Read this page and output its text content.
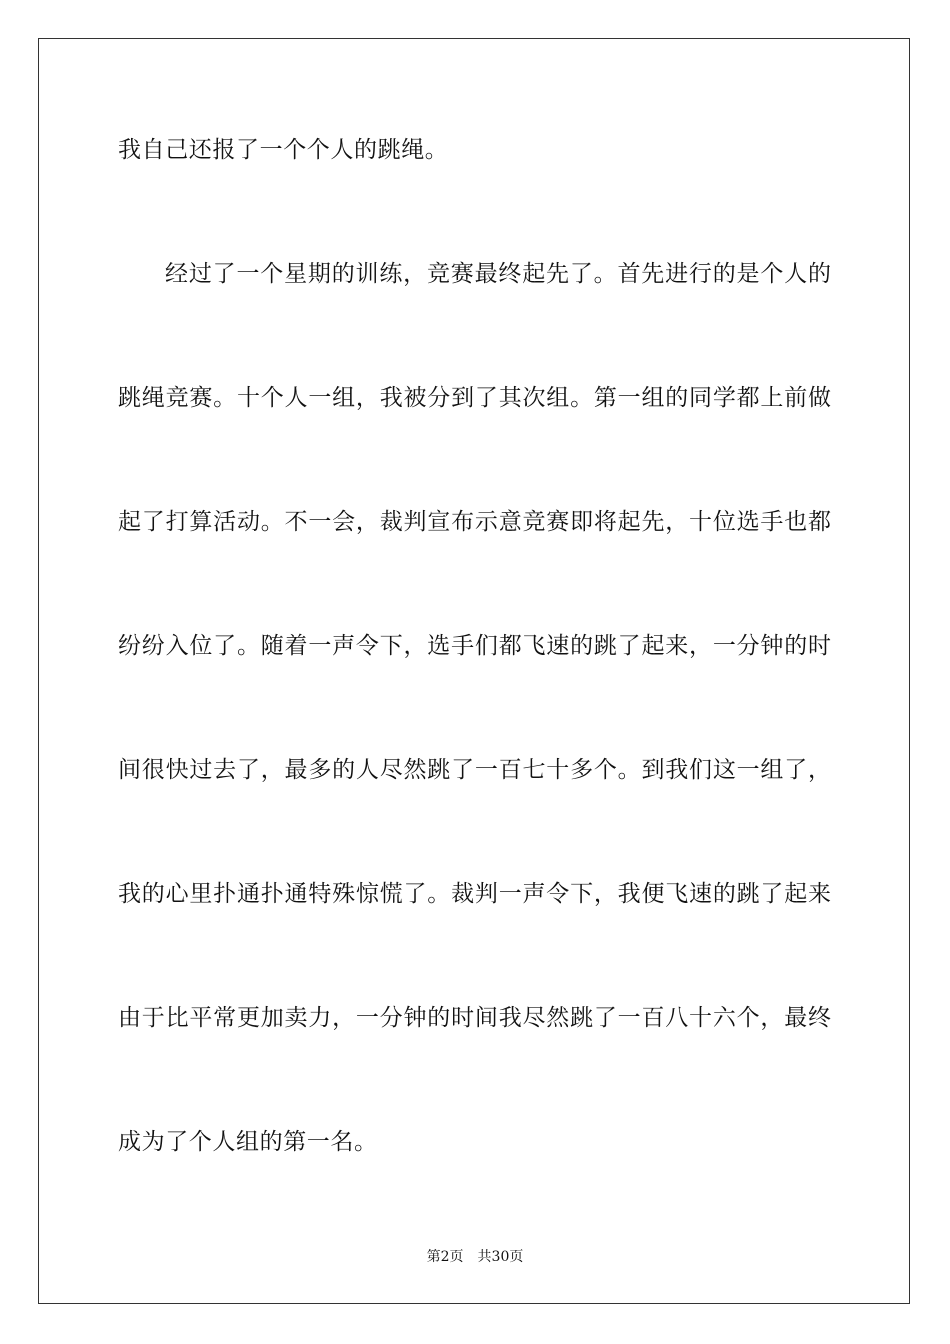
我自己还报了一个个人的跳绳。
经过了一个星期的训练，竞赛最终起先了。首先进行的是个人的
跳绳竞赛。十个人一组，我被分到了其次组。第一组的同学都上前做
起了打算活动。不一会，裁判宣布示意竞赛即将起先，十位选手也都
纷纷入位了。随着一声令下，选手们都飞速的跳了起来，一分钟的时
间很快过去了，最多的人尽然跳了一百七十多个。到我们这一组了，
我的心里扑通扑通特殊惊慌了。裁判一声令下，我便飞速的跳了起来
由于比平常更加卖力，一分钟的时间我尽然跳了一百八十六个，最终
成为了个人组的第一名。
第2页　共30页
